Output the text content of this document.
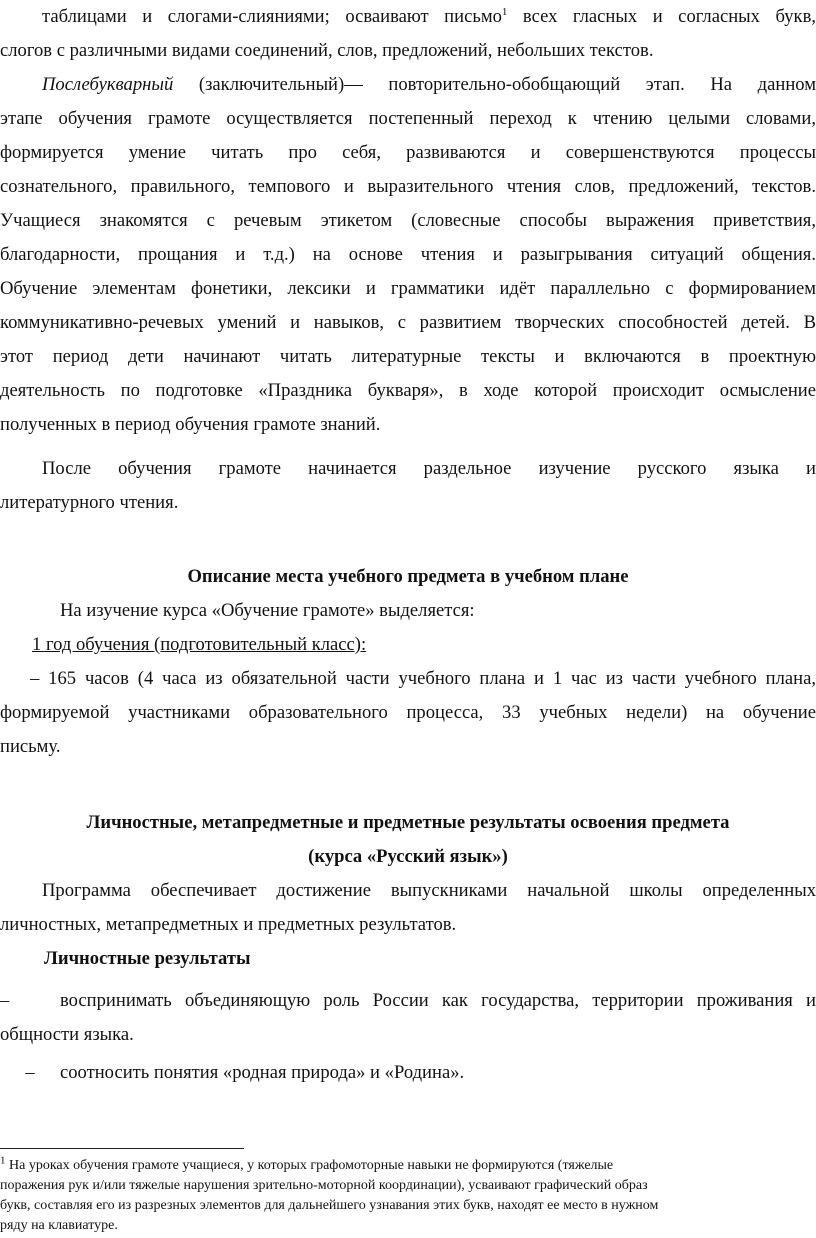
таблицами и слогами-слияниями; осваивают письмо$^1$ всех гласных и согласных букв,
слогов с различными видами соединений, слов, предложений, небольших текстов.
Послебукварный (заключительный)— повторительно-обобщающий этап. На данном
этапе обучения грамоте осуществляется постепенный переход к чтению целыми словами,
формируется умение читать про себя, развиваются и совершенствуются процессы
сознательного, правильного, темпового и выразительного чтения слов, предложений, текстов.
Учащиеся знакомятся с речевым этикетом (словесные способы выражения приветствия,
благодарности, прощания и т.д.) на основе чтения и разыгрывания ситуаций общения.
Обучение элементам фонетики, лексики и грамматики идёт параллельно с формированием
коммуникативно-речевых умений и навыков, с развитием творческих способностей детей. В
этот период дети начинают читать литературные тексты и включаются в проектную
деятельность по подготовке «Праздника букваря», в ходе которой происходит осмысление
полученных в период обучения грамоте знаний.
После обучения грамоте начинается раздельное изучение русского языка и
литературного чтения.
Описание места учебного предмета в учебном плане
На изучение курса «Обучение грамоте» выделяется:
1 год обучения (подготовительный класс):
– 165 часов (4 часа из обязательной части учебного плана и 1 час из части учебного плана,
формируемой участниками образовательного процесса, 33 учебных недели) на обучение
письму.
Личностные, метапредметные и предметные результаты освоения предмета
(курса «Русский язык»)
Программа обеспечивает достижение выпускниками начальной школы определенных
личностных, метапредметных и предметных результатов.
Личностные результаты
–	воспринимать объединяющую роль России как государства, территории проживания и
общности языка.
– соотносить понятия «родная природа» и «Родина».
$^1$ На уроках обучения грамоте учащиеся, у которых графомоторные навыки не формируются (тяжелые
поражения рук и/или тяжелые нарушения зрительно-моторной координации), усваивают графический образ
букв, составляя его из разрезных элементов для дальнейшего узнавания этих букв, находят ее место в нужном
ряду на клавиатуре.
